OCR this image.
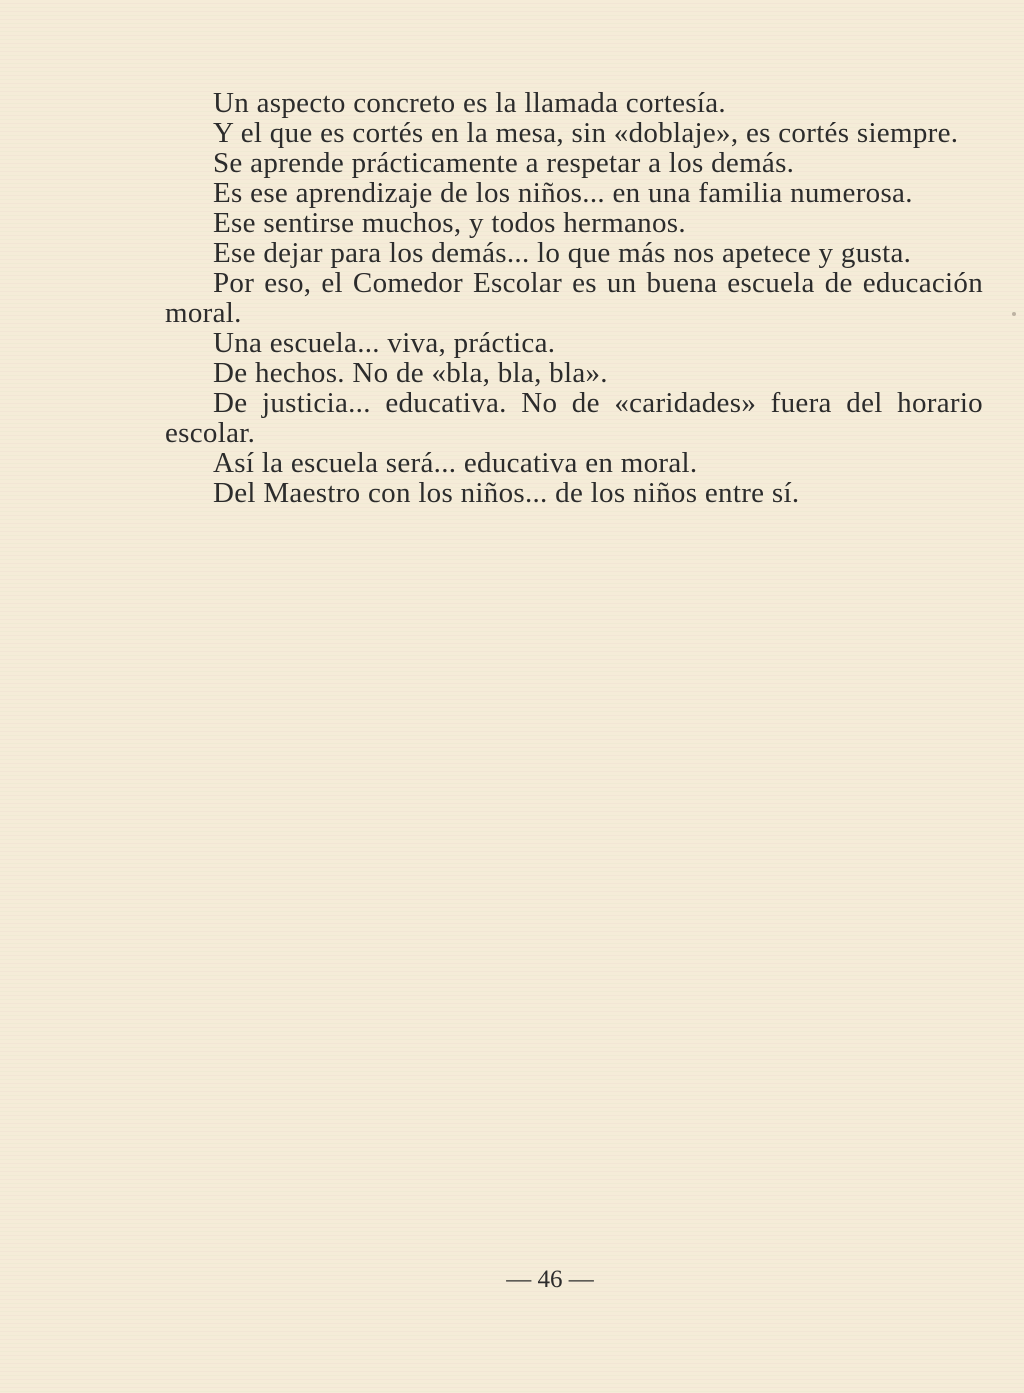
Un aspecto concreto es la llamada cortesía.

Y el que es cortés en la mesa, sin «doblaje», es cortés siempre.

Se aprende prácticamente a respetar a los demás.

Es ese aprendizaje de los niños... en una familia numerosa.

Ese sentirse muchos, y todos hermanos.

Ese dejar para los demás... lo que más nos apetece y gusta.

Por eso, el Comedor Escolar es un buena escuela de educación moral.

Una escuela... viva, práctica.

De hechos. No de «bla, bla, bla».

De justicia... educativa. No de «caridades» fuera del horario escolar.

Así la escuela será... educativa en moral.

Del Maestro con los niños... de los niños entre sí.

— 46 —
